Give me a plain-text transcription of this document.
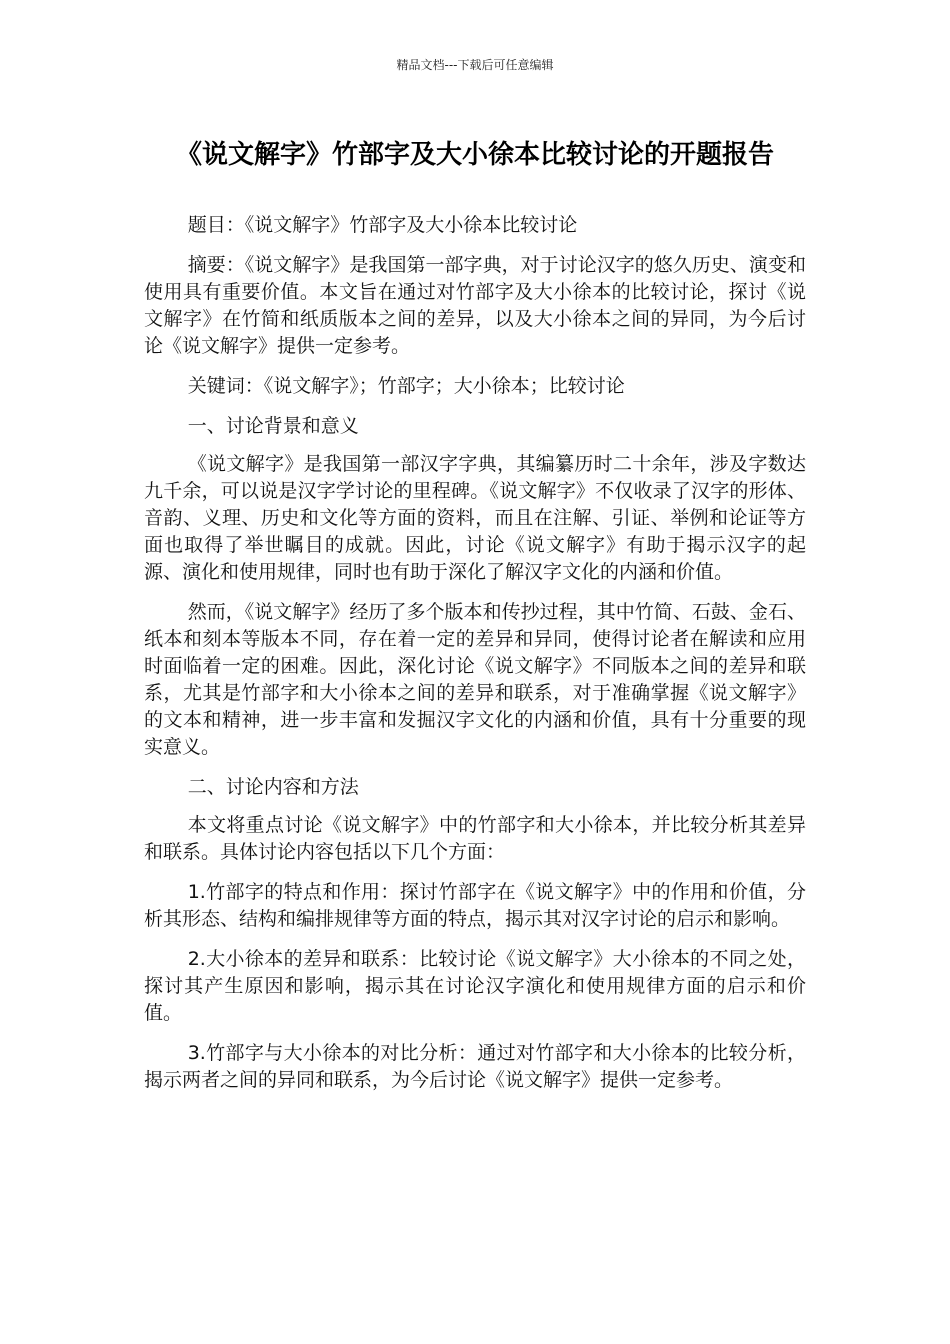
精品文档---下载后可任意编辑
《说文解字》竹部字及大小徐本比较讨论的开题报告

题目：《说文解字》竹部字及大小徐本比较讨论

摘要：《说文解字》是我国第一部字典，对于讨论汉字的悠久历史、演变和使用具有重要价值。本文旨在通过对竹部字及大小徐本的比较讨论，探讨《说文解字》在竹简和纸质版本之间的差异，以及大小徐本之间的异同，为今后讨论《说文解字》提供一定参考。

关键词：《说文解字》；竹部字；大小徐本；比较讨论

一、讨论背景和意义

《说文解字》是我国第一部汉字字典，其编纂历时二十余年，涉及字数达九千余，可以说是汉字学讨论的里程碑。《说文解字》不仅收录了汉字的形体、音韵、义理、历史和文化等方面的资料，而且在注解、引证、举例和论证等方面也取得了举世瞩目的成就。因此，讨论《说文解字》有助于揭示汉字的起源、演化和使用规律，同时也有助于深化了解汉字文化的内涵和价值。

然而，《说文解字》经历了多个版本和传抄过程，其中竹简、石鼓、金石、纸本和刻本等版本不同，存在着一定的差异和异同，使得讨论者在解读和应用时面临着一定的困难。因此，深化讨论《说文解字》不同版本之间的差异和联系，尤其是竹部字和大小徐本之间的差异和联系，对于准确掌握《说文解字》的文本和精神，进一步丰富和发掘汉字文化的内涵和价值，具有十分重要的现实意义。

二、讨论内容和方法

本文将重点讨论《说文解字》中的竹部字和大小徐本，并比较分析其差异和联系。具体讨论内容包括以下几个方面：

1.竹部字的特点和作用：探讨竹部字在《说文解字》中的作用和价值，分析其形态、结构和编排规律等方面的特点，揭示其对汉字讨论的启示和影响。

2.大小徐本的差异和联系：比较讨论《说文解字》大小徐本的不同之处，探讨其产生原因和影响，揭示其在讨论汉字演化和使用规律方面的启示和价值。

3.竹部字与大小徐本的对比分析：通过对竹部字和大小徐本的比较分析，揭示两者之间的异同和联系，为今后讨论《说文解字》提供一定参考。
